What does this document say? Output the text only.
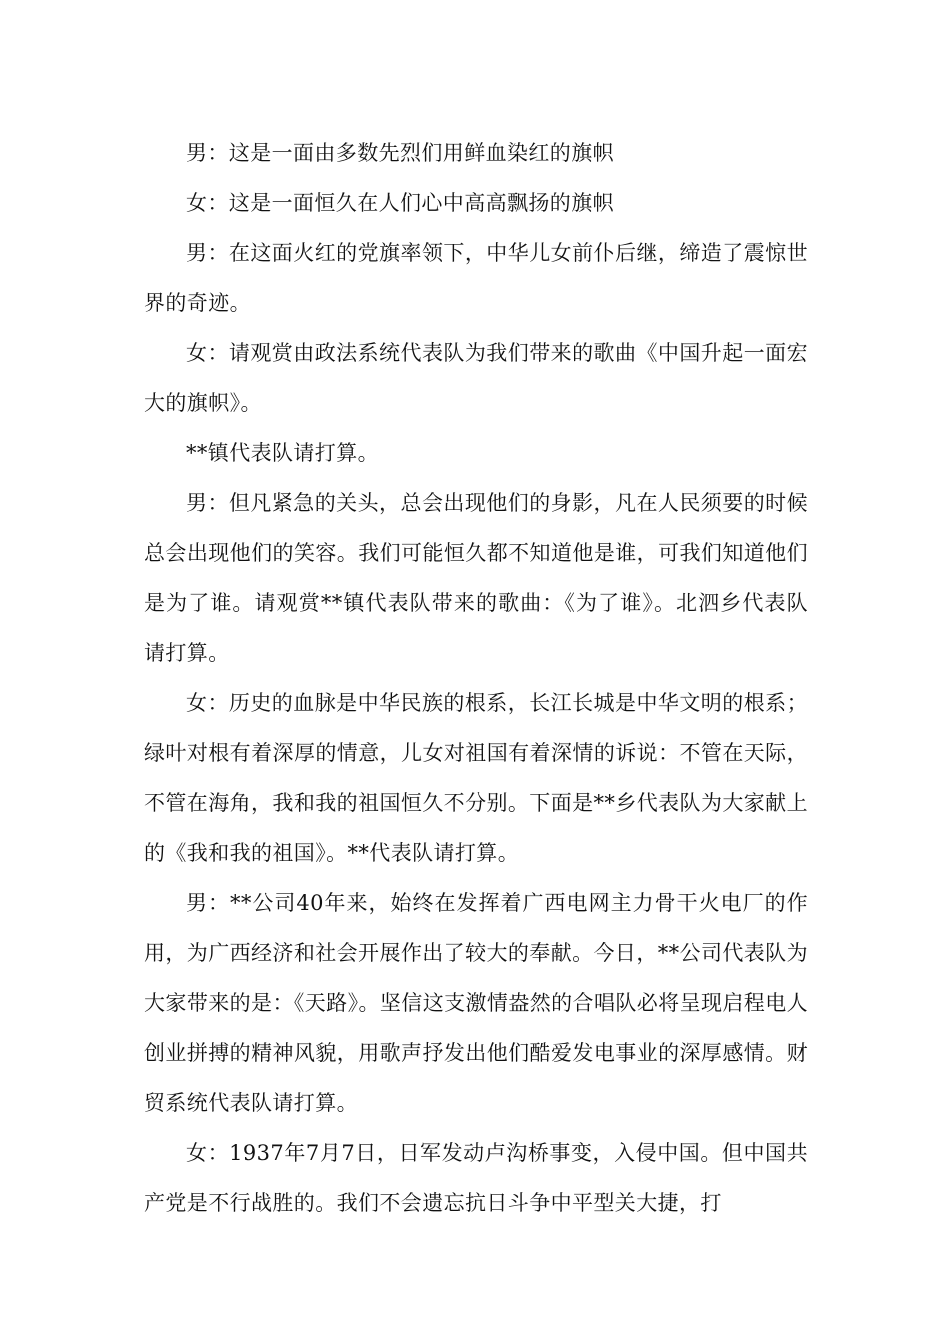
男：这是一面由多数先烈们用鲜血染红的旗帜

女：这是一面恒久在人们心中高高飘扬的旗帜

男：在这面火红的党旗率领下，中华儿女前仆后继，缔造了震惊世界的奇迹。

女：请观赏由政法系统代表队为我们带来的歌曲《中国升起一面宏大的旗帜》。

**镇代表队请打算。

男：但凡紧急的关头，总会出现他们的身影，凡在人民须要的时候总会出现他们的笑容。我们可能恒久都不知道他是谁，可我们知道他们是为了谁。请观赏**镇代表队带来的歌曲：《为了谁》。北泗乡代表队请打算。

女：历史的血脉是中华民族的根系，长江长城是中华文明的根系；绿叶对根有着深厚的情意，儿女对祖国有着深情的诉说：不管在天际，不管在海角，我和我的祖国恒久不分别。下面是**乡代表队为大家献上的《我和我的祖国》。**代表队请打算。

男：**公司40年来，始终在发挥着广西电网主力骨干火电厂的作用，为广西经济和社会开展作出了较大的奉献。今日，**公司代表队为大家带来的是：《天路》。坚信这支激情盎然的合唱队必将呈现启程电人创业拼搏的精神风貌，用歌声抒发出他们酷爱发电事业的深厚感情。财贸系统代表队请打算。

女：1937年7月7日，日军发动卢沟桥事变，入侵中国。但中国共产党是不行战胜的。我们不会遗忘抗日斗争中平型关大捷，打
